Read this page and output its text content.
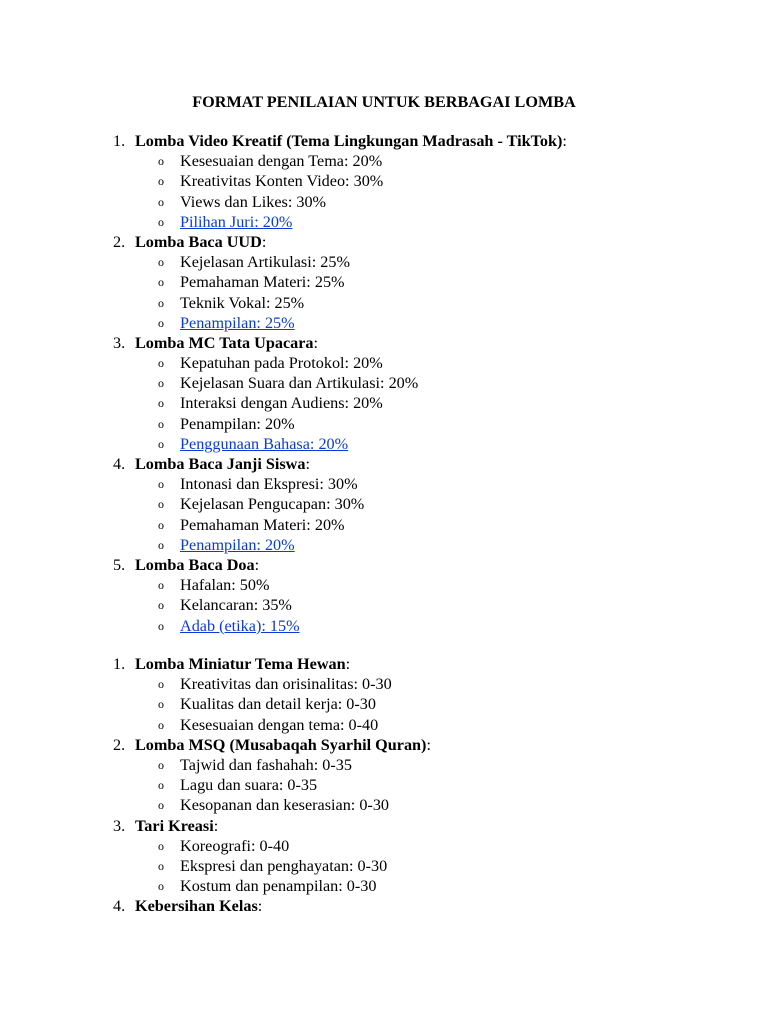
FORMAT PENILAIAN UNTUK BERBAGAI LOMBA
1. Lomba Video Kreatif (Tema Lingkungan Madrasah - TikTok):
o Kesesuaian dengan Tema: 20%
o Kreativitas Konten Video: 30%
o Views dan Likes: 30%
o Pilihan Juri: 20%
2. Lomba Baca UUD:
o Kejelasan Artikulasi: 25%
o Pemahaman Materi: 25%
o Teknik Vokal: 25%
o Penampilan: 25%
3. Lomba MC Tata Upacara:
o Kepatuhan pada Protokol: 20%
o Kejelasan Suara dan Artikulasi: 20%
o Interaksi dengan Audiens: 20%
o Penampilan: 20%
o Penggunaan Bahasa: 20%
4. Lomba Baca Janji Siswa:
o Intonasi dan Ekspresi: 30%
o Kejelasan Pengucapan: 30%
o Pemahaman Materi: 20%
o Penampilan: 20%
5. Lomba Baca Doa:
o Hafalan: 50%
o Kelancaran: 35%
o Adab (etika): 15%
1. Lomba Miniatur Tema Hewan:
o Kreativitas dan orisinalitas: 0-30
o Kualitas dan detail kerja: 0-30
o Kesesuaian dengan tema: 0-40
2. Lomba MSQ (Musabaqah Syarhil Quran):
o Tajwid dan fashahah: 0-35
o Lagu dan suara: 0-35
o Kesopanan dan keserasian: 0-30
3. Tari Kreasi:
o Koreografi: 0-40
o Ekspresi dan penghayatan: 0-30
o Kostum dan penampilan: 0-30
4. Kebersihan Kelas:
